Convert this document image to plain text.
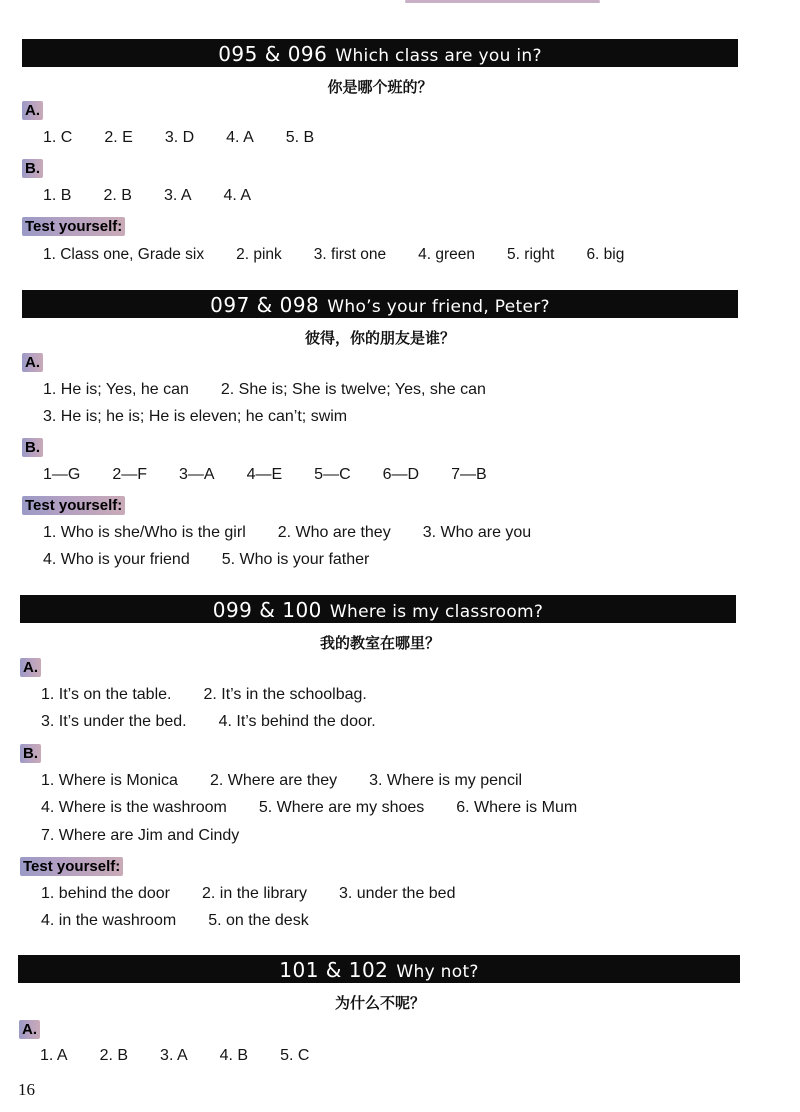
095 & 096 Which class are you in?
你是哪个班的？
A.
1. C 2. E 3. D 4. A 5. B
B.
1. B 2. B 3. A 4. A
Test yourself:
1. Class one, Grade six 2. pink 3. first one 4. green 5. right 6. big
097 & 098 Who’s your friend, Peter?
彼得，你的朋友是谁？
A.
1. He is; Yes, he can 2. She is; She is twelve; Yes, she can
3. He is; he is; He is eleven; he can’t; swim
B.
1—G 2—F 3—A 4—E 5—C 6—D 7—B
Test yourself:
1. Who is she/Who is the girl 2. Who are they 3. Who are you
4. Who is your friend 5. Who is your father
099 & 100 Where is my classroom?
我的教室在哪里？
A.
1. It’s on the table. 2. It’s in the schoolbag.
3. It’s under the bed. 4. It’s behind the door.
B.
1. Where is Monica 2. Where are they 3. Where is my pencil
4. Where is the washroom 5. Where are my shoes 6. Where is Mum
7. Where are Jim and Cindy
Test yourself:
1. behind the door 2. in the library 3. under the bed
4. in the washroom 5. on the desk
101 & 102 Why not?
为什么不呢？
A.
1. A 2. B 3. A 4. B 5. C
16
